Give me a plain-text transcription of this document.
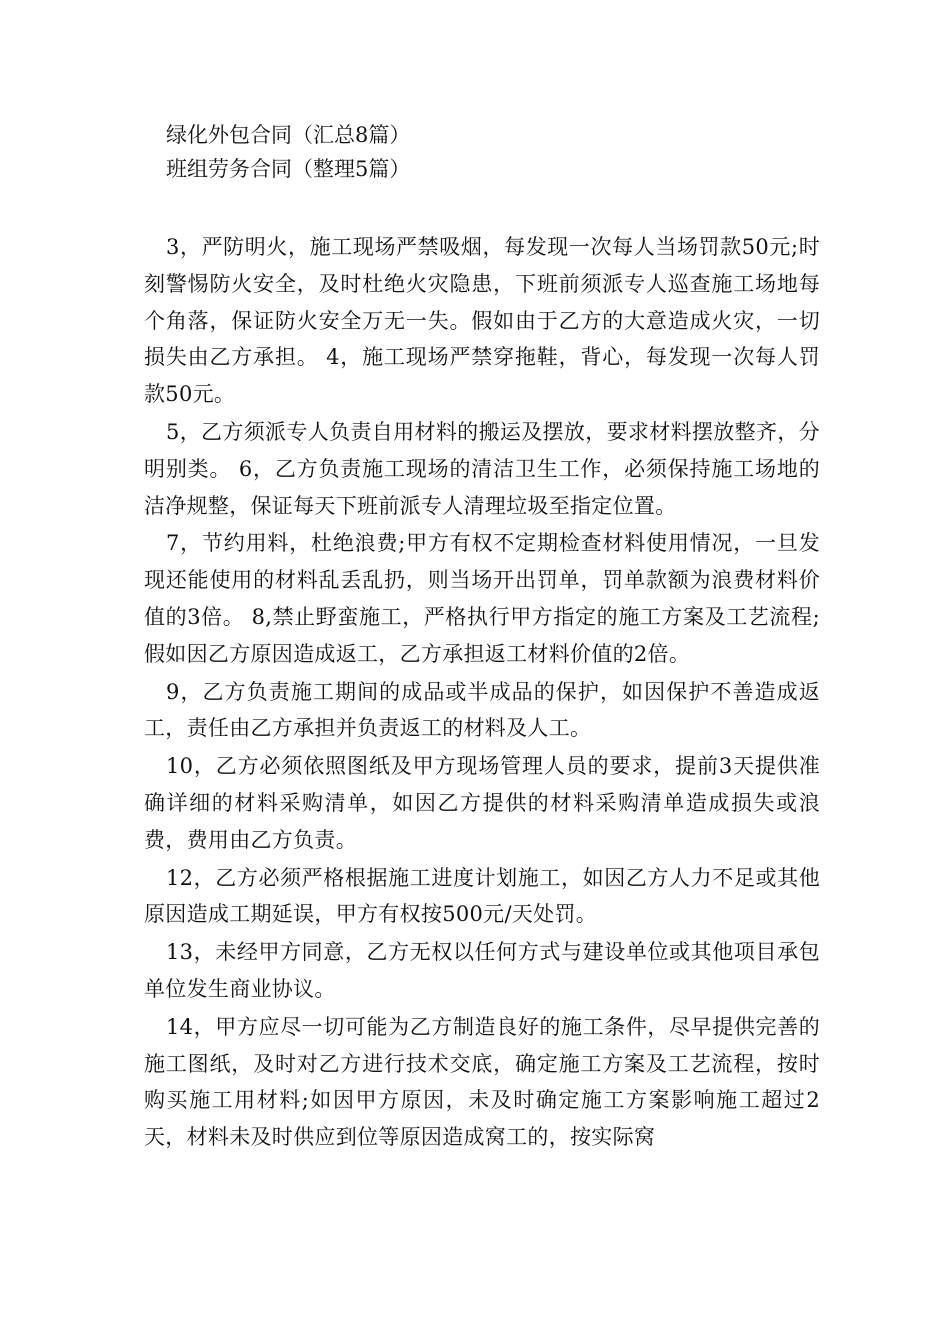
绿化外包合同（汇总8篇）
班组劳务合同（整理5篇）

3，严防明火，施工现场严禁吸烟，每发现一次每人当场罚款50元;时刻警惕防火安全，及时杜绝火灾隐患，下班前须派专人巡查施工场地每个角落，保证防火安全万无一失。假如由于乙方的大意造成火灾，一切损失由乙方承担。 4，施工现场严禁穿拖鞋，背心，每发现一次每人罚款50元。

5，乙方须派专人负责自用材料的搬运及摆放，要求材料摆放整齐，分明别类。 6，乙方负责施工现场的清洁卫生工作，必须保持施工场地的洁净规整，保证每天下班前派专人清理垃圾至指定位置。

7，节约用料，杜绝浪费;甲方有权不定期检查材料使用情况，一旦发现还能使用的材料乱丢乱扔，则当场开出罚单，罚单款额为浪费材料价值的3倍。 8,禁止野蛮施工，严格执行甲方指定的施工方案及工艺流程;假如因乙方原因造成返工，乙方承担返工材料价值的2倍。

9，乙方负责施工期间的成品或半成品的保护，如因保护不善造成返工，责任由乙方承担并负责返工的材料及人工。

10，乙方必须依照图纸及甲方现场管理人员的要求，提前3天提供准确详细的材料采购清单，如因乙方提供的材料采购清单造成损失或浪费，费用由乙方负责。

12，乙方必须严格根据施工进度计划施工，如因乙方人力不足或其他原因造成工期延误，甲方有权按500元/天处罚。

13，未经甲方同意，乙方无权以任何方式与建设单位或其他项目承包单位发生商业协议。

14，甲方应尽一切可能为乙方制造良好的施工条件，尽早提供完善的施工图纸，及时对乙方进行技术交底，确定施工方案及工艺流程，按时购买施工用材料;如因甲方原因，未及时确定施工方案影响施工超过2天，材料未及时供应到位等原因造成窝工的，按实际窝
